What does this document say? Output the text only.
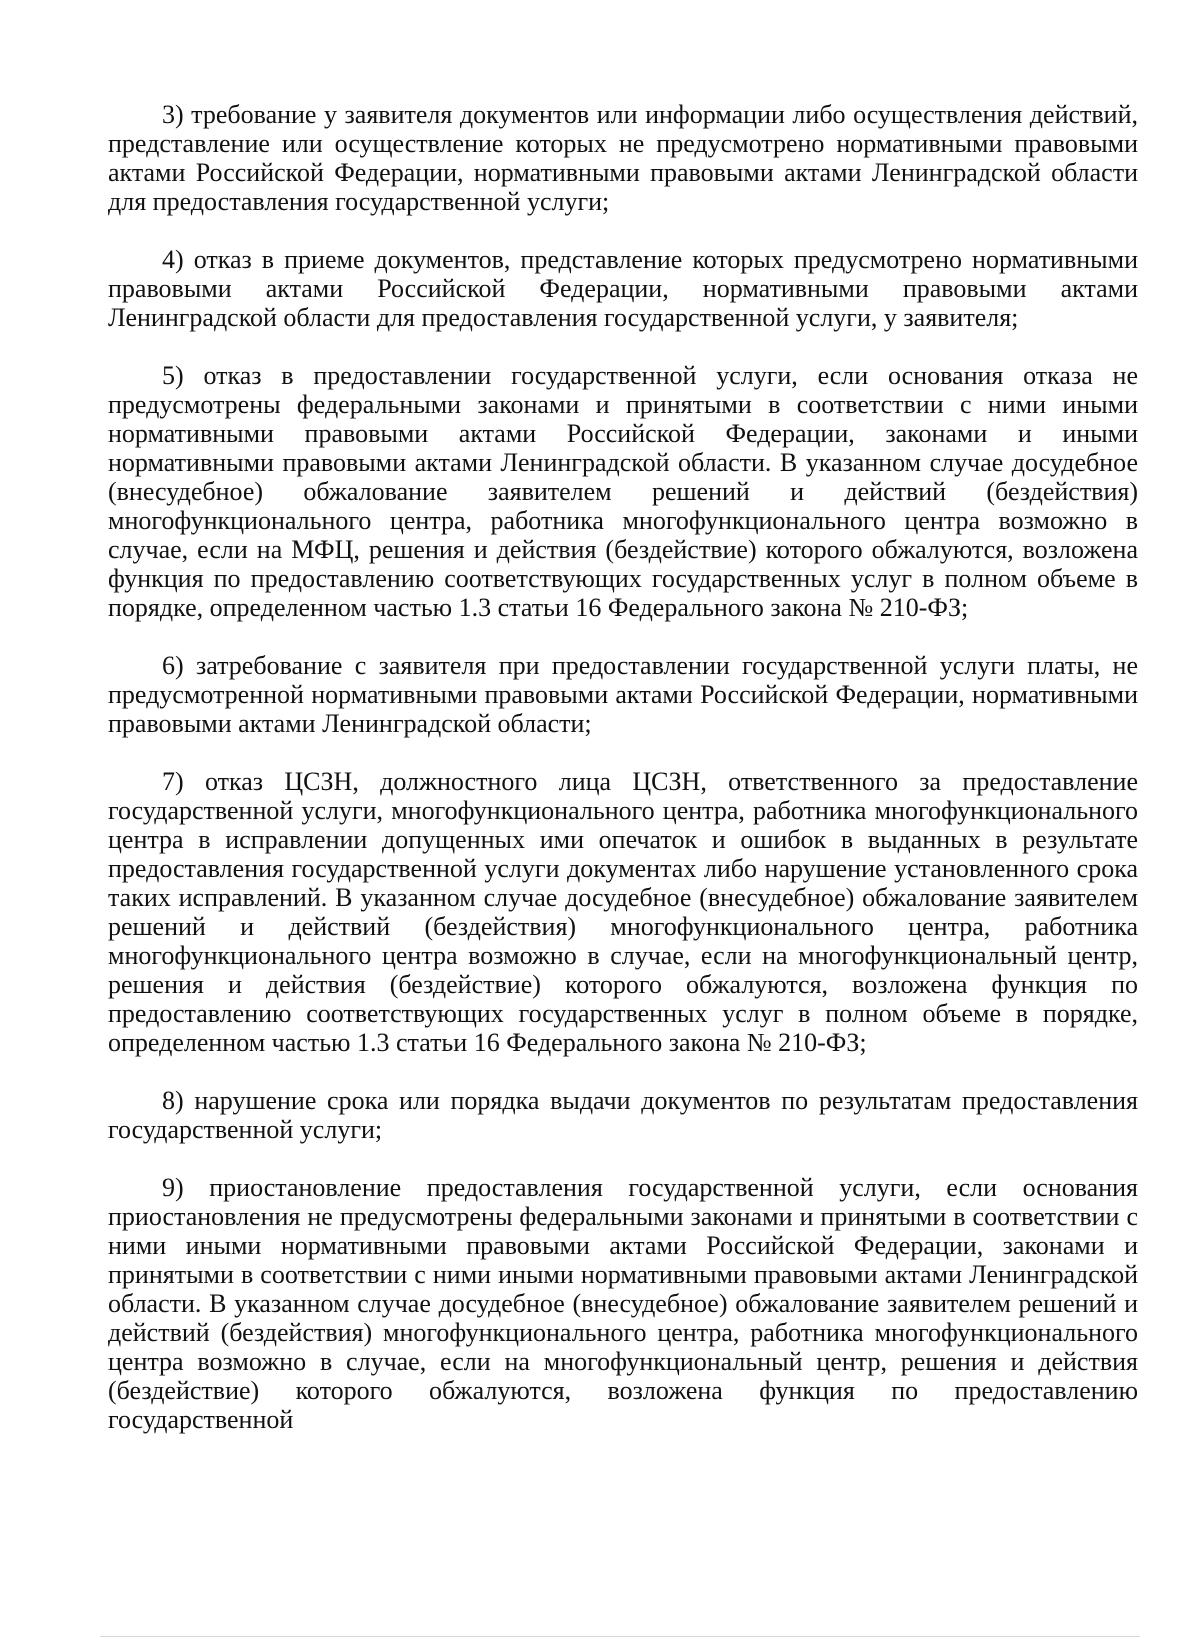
3) требование у заявителя документов или информации либо осуществления действий, представление или осуществление которых не предусмотрено нормативными правовыми актами Российской Федерации, нормативными правовыми актами Ленинградской области для предоставления государственной услуги;

4) отказ в приеме документов, представление которых предусмотрено нормативными правовыми актами Российской Федерации, нормативными правовыми актами Ленинградской области для предоставления государственной услуги, у заявителя;

5) отказ в предоставлении государственной услуги, если основания отказа не предусмотрены федеральными законами и принятыми в соответствии с ними иными нормативными правовыми актами Российской Федерации, законами и иными нормативными правовыми актами Ленинградской области. В указанном случае досудебное (внесудебное) обжалование заявителем решений и действий (бездействия) многофункционального центра, работника многофункционального центра возможно в случае, если на МФЦ, решения и действия (бездействие) которого обжалуются, возложена функция по предоставлению соответствующих государственных услуг в полном объеме в порядке, определенном частью 1.3 статьи 16 Федерального закона № 210-ФЗ;

6) затребование с заявителя при предоставлении государственной услуги платы, не предусмотренной нормативными правовыми актами Российской Федерации, нормативными правовыми актами Ленинградской области;

7) отказ ЦСЗН, должностного лица ЦСЗН, ответственного за предоставление государственной услуги, многофункционального центра, работника многофункционального центра в исправлении допущенных ими опечаток и ошибок в выданных в результате предоставления государственной услуги документах либо нарушение установленного срока таких исправлений. В указанном случае досудебное (внесудебное) обжалование заявителем решений и действий (бездействия) многофункционального центра, работника многофункционального центра возможно в случае, если на многофункциональный центр, решения и действия (бездействие) которого обжалуются, возложена функция по предоставлению соответствующих государственных услуг в полном объеме в порядке, определенном частью 1.3 статьи 16 Федерального закона № 210-ФЗ;

8) нарушение срока или порядка выдачи документов по результатам предоставления государственной услуги;

9) приостановление предоставления государственной услуги, если основания приостановления не предусмотрены федеральными законами и принятыми в соответствии с ними иными нормативными правовыми актами Российской Федерации, законами и принятыми в соответствии с ними иными нормативными правовыми актами Ленинградской области. В указанном случае досудебное (внесудебное) обжалование заявителем решений и действий (бездействия) многофункционального центра, работника многофункционального центра возможно в случае, если на многофункциональный центр, решения и действия (бездействие) которого обжалуются, возложена функция по предоставлению государственной
